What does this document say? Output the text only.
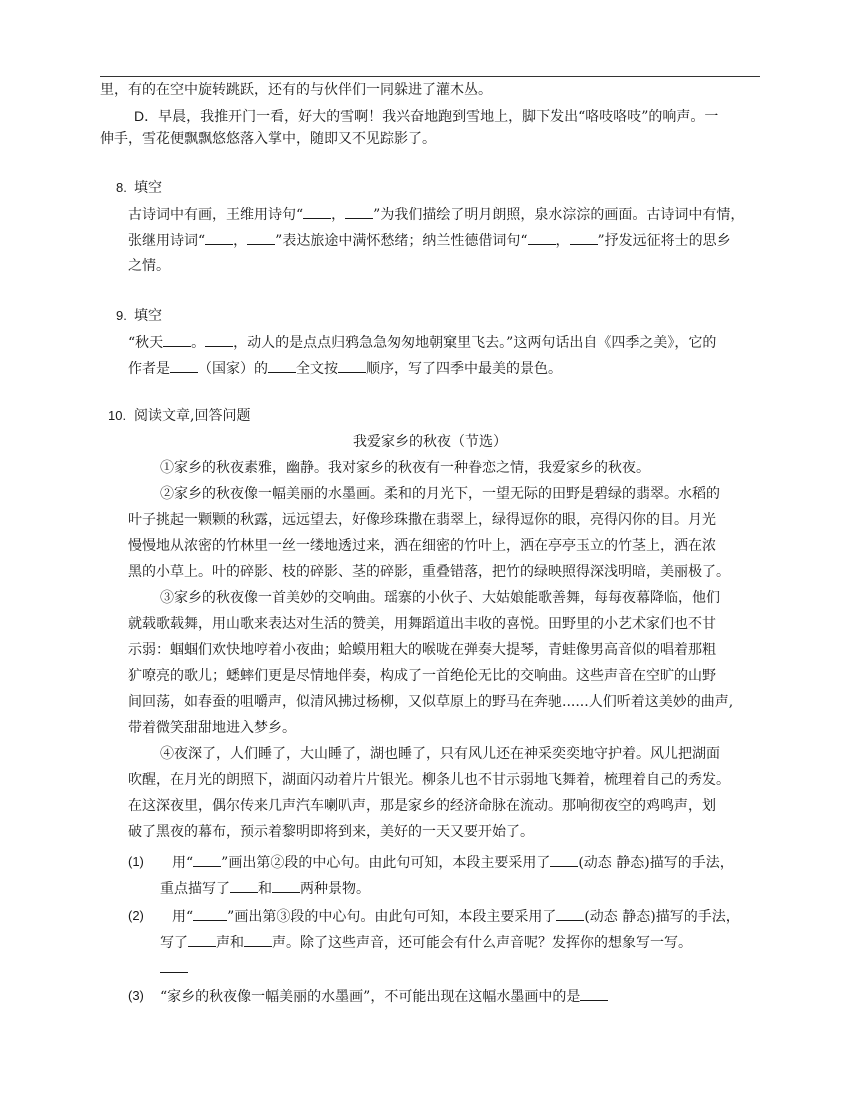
里，有的在空中旋转跳跃，还有的与伙伴们一同躲进了灌木丛。
D．早晨，我推开门一看，好大的雪啊！我兴奋地跑到雪地上，脚下发出“咯吱咯吱”的响声。一
伸手，雪花便飘飘悠悠落入掌中，随即又不见踪影了。
8. 填空
古诗词中有画，王维用诗句“ ， ”为我们描绘了明月朗照，泉水淙淙的画面。古诗词中有情，
张继用诗词“ ， ”表达旅途中满怀愁绪；纳兰性德借词句“ ， ”抒发远征将士的思乡
之情。
9. 填空
“秋天 。 ，动人的是点点归鸦急急匆匆地朝窠里飞去。”这两句话出自《四季之美》，它的
作者是 （国家）的 全文按 顺序，写了四季中最美的景色。
10. 阅读文章,回答问题
我爱家乡的秋夜（节选）
①家乡的秋夜素雅，幽静。我对家乡的秋夜有一种眷恋之情，我爱家乡的秋夜。
②家乡的秋夜像一幅美丽的水墨画。柔和的月光下，一望无际的田野是碧绿的翡翠。水稻的
叶子挑起一颗颗的秋露，远远望去，好像珍珠撒在翡翠上，绿得逗你的眼，亮得闪你的目。月光
慢慢地从浓密的竹林里一丝一缕地透过来，洒在细密的竹叶上，洒在亭亭玉立的竹茎上，洒在浓
黑的小草上。叶的碎影、枝的碎影、茎的碎影，重叠错落，把竹的绿映照得深浅明暗，美丽极了。
③家乡的秋夜像一首美妙的交响曲。瑶寨的小伙子、大姑娘能歌善舞，每每夜幕降临，他们
就载歌载舞，用山歌来表达对生活的赞美，用舞蹈道出丰收的喜悦。田野里的小艺术家们也不甘
示弱：蝈蝈们欢快地哼着小夜曲；蛤蟆用粗大的喉咙在弹奏大提琴，青蛙像男高音似的唱着那粗
犷嘹亮的歌儿；蟋蟀们更是尽情地伴奏，构成了一首绝伦无比的交响曲。这些声音在空旷的山野
间回荡，如春蚕的咀嚼声，似清风拂过杨柳，又似草原上的野马在奔驰......人们听着这美妙的曲声,
带着微笑甜甜地进入梦乡。
④夜深了，人们睡了，大山睡了，湖也睡了，只有风儿还在神采奕奕地守护着。风儿把湖面
吹醒，在月光的朗照下，湖面闪动着片片银光。柳条儿也不甘示弱地飞舞着，梳理着自己的秀发。
在这深夜里，偶尔传来几声汽车喇叭声，那是家乡的经济命脉在流动。那响彻夜空的鸡鸣声，划
破了黑夜的幕布，预示着黎明即将到来，美好的一天又要开始了。
(1) 用“ ”画出第②段的中心句。由此句可知，本段主要采用了 (动态 静态)描写的手法，
重点描写了 和 两种景物。
(2) 用“ ”画出第③段的中心句。由此句可知，本段主要采用了 (动态 静态)描写的手法，
写了 声和 声。除了这些声音，还可能会有什么声音呢？发挥你的想象写一写。
(3) “家乡的秋夜像一幅美丽的水墨画”，不可能出现在这幅水墨画中的是
